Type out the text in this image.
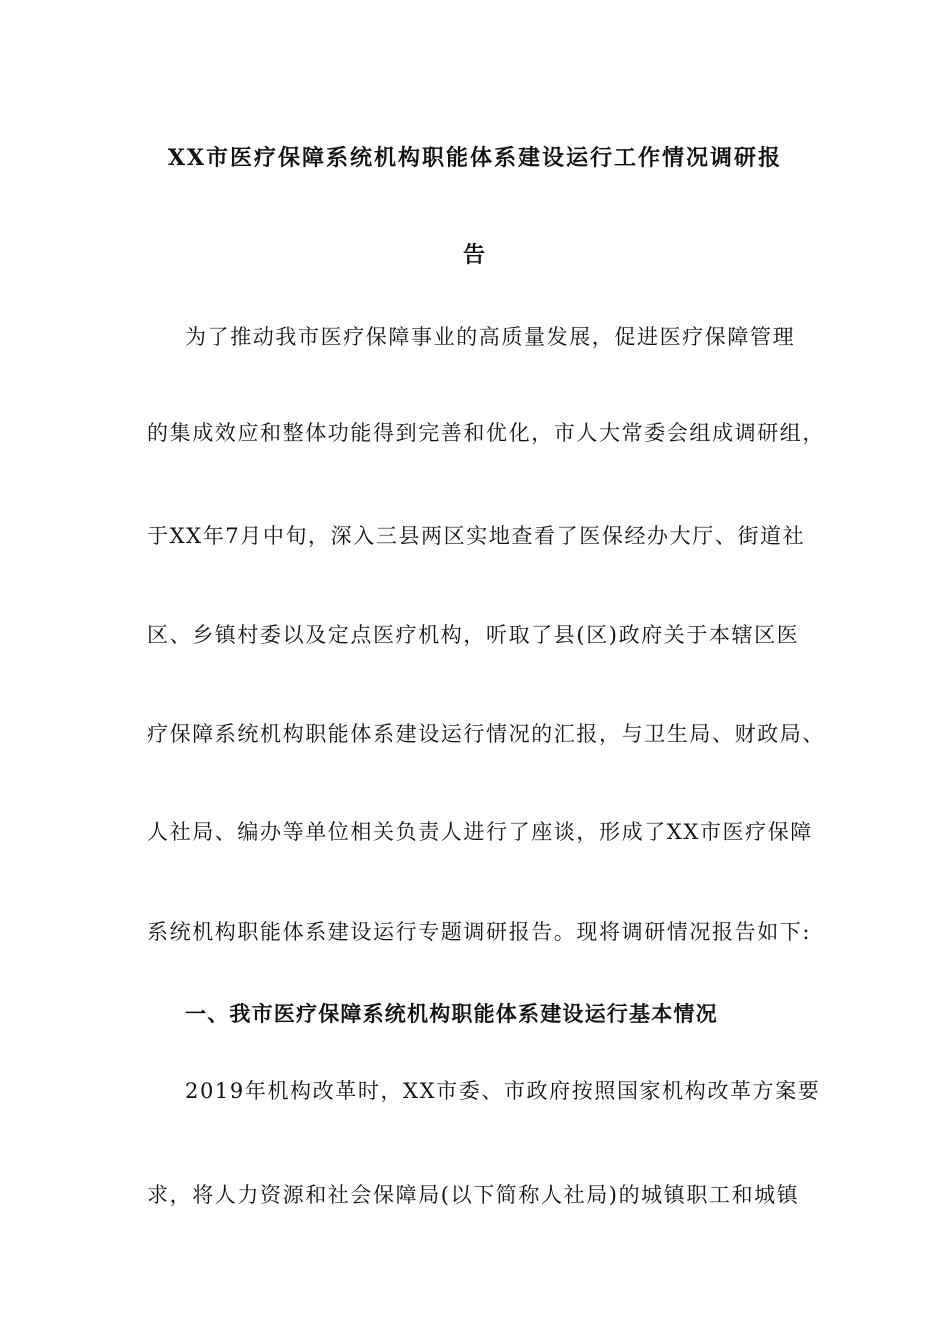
XX市医疗保障系统机构职能体系建设运行工作情况调研报
告
为了推动我市医疗保障事业的高质量发展，促进医疗保障管理
的集成效应和整体功能得到完善和优化，市人大常委会组成调研组，
于XX年7月中旬，深入三县两区实地查看了医保经办大厅、街道社
区、乡镇村委以及定点医疗机构，听取了县(区)政府关于本辖区医
疗保障系统机构职能体系建设运行情况的汇报，与卫生局、财政局、
人社局、编办等单位相关负责人进行了座谈，形成了XX市医疗保障
系统机构职能体系建设运行专题调研报告。现将调研情况报告如下:
一、我市医疗保障系统机构职能体系建设运行基本情况
2019年机构改革时，XX市委、市政府按照国家机构改革方案要
求，将人力资源和社会保障局(以下简称人社局)的城镇职工和城镇
